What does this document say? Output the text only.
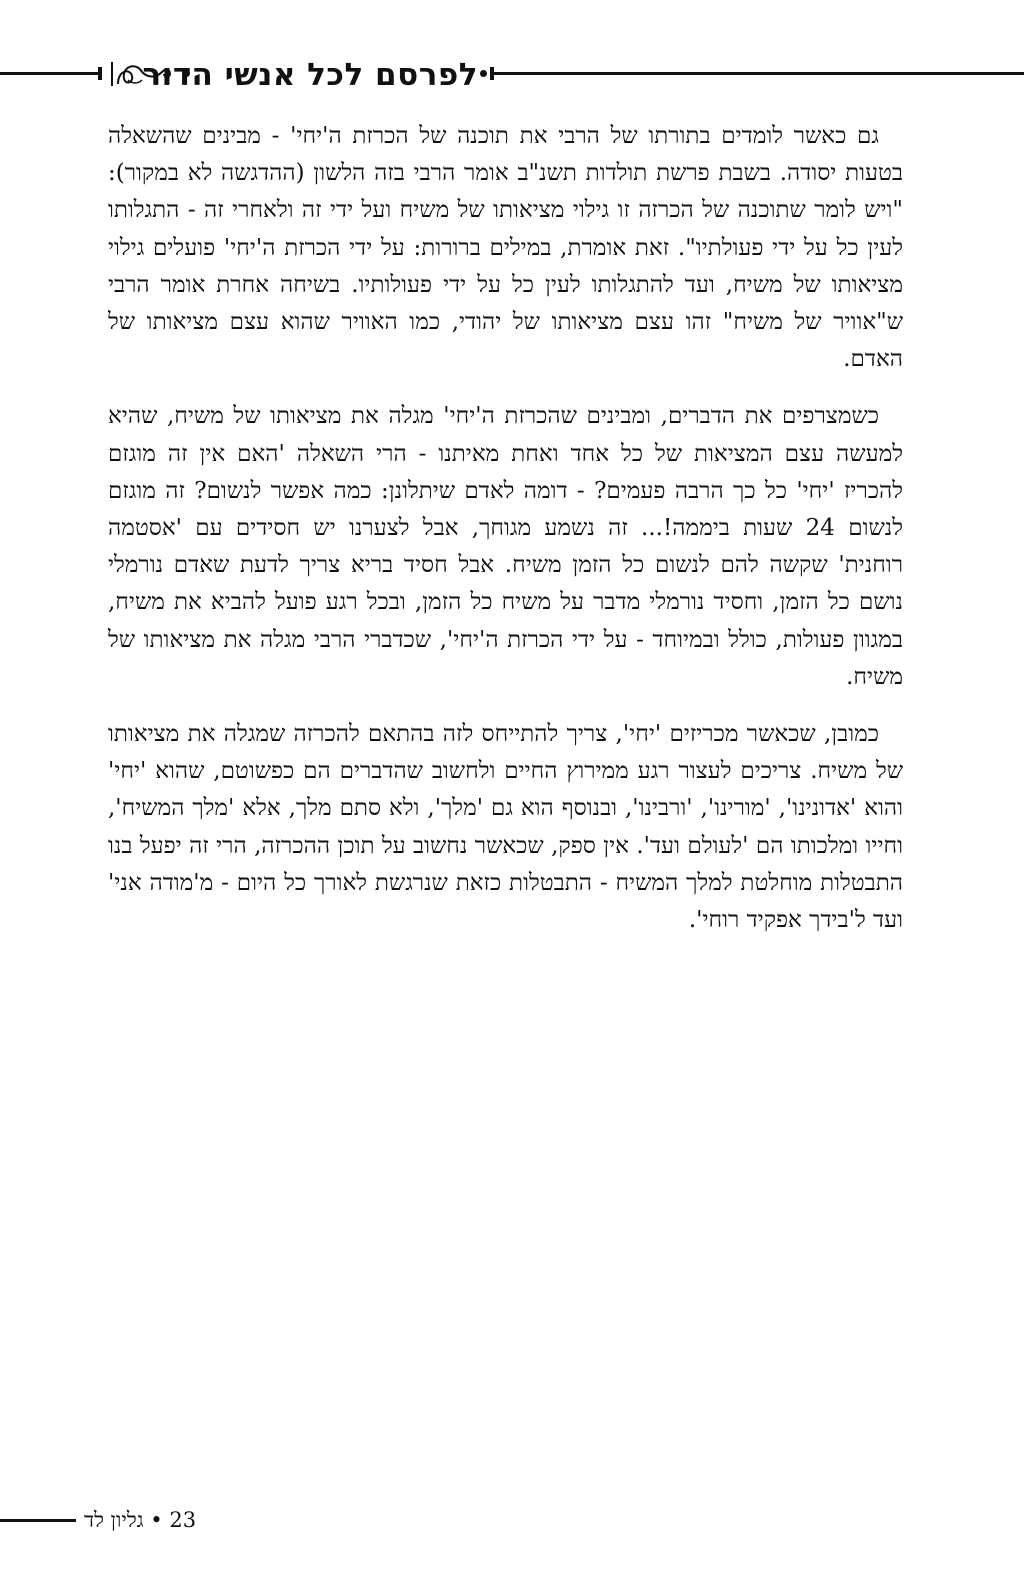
לפרסם לכל אנשי הדור

גם כאשר לומדים בתורתו של הרבי את תוכנה של הכרזת ה'יחי' - מבינים שהשאלה בטעות יסודה. בשבת פרשת תולדות תשנ"ב אומר הרבי בזה הלשון (ההדגשה לא במקור): "ויש לומר שתוכנה של הכרזה זו גילוי מציאותו של משיח ועל ידי זה ולאחרי זה - התגלותו לעין כל על ידי פעולתיו". זאת אומרת, במילים ברורות: על ידי הכרזת ה'יחי' פועלים גילוי מציאותו של משיח, ועד להתגלותו לעין כל על ידי פעולותיו. בשיחה אחרת אומר הרבי ש"אוויר של משיח" זהו עצם מציאותו של יהודי, כמו האוויר שהוא עצם מציאותו של האדם.

כשמצרפים את הדברים, ומבינים שהכרזת ה'יחי' מגלה את מציאותו של משיח, שהיא למעשה עצם המציאות של כל אחד ואחת מאיתנו - הרי השאלה 'האם אין זה מוגזם להכריז 'יחי' כל כך הרבה פעמים? - דומה לאדם שיתלונן: כמה אפשר לנשום? זה מוגזם לנשום 24 שעות ביממה!... זה נשמע מגוחך, אבל לצערנו יש חסידים עם 'אסטמה רוחנית' שקשה להם לנשום כל הזמן משיח. אבל חסיד בריא צריך לדעת שאדם נורמלי נושם כל הזמן, וחסיד נורמלי מדבר על משיח כל הזמן, ובכל רגע פועל להביא את משיח, במגוון פעולות, כולל ובמיוחד - על ידי הכרזת ה'יחי', שכדברי הרבי מגלה את מציאותו של משיח.

כמובן, שכאשר מכריזים 'יחי', צריך להתייחס לזה בהתאם להכרזה שמגלה את מציאותו של משיח. צריכים לעצור רגע ממירוץ החיים ולחשוב שהדברים הם כפשוטם, שהוא 'יחי' והוא 'אדונינו', 'מורינו', 'ורבינו', ובנוסף הוא גם 'מלך', ולא סתם מלך, אלא 'מלך המשיח', וחייו ומלכותו הם 'לעולם ועד'. אין ספק, שכאשר נחשוב על תוכן ההכרזה, הרי זה יפעל בנו התבטלות מוחלטת למלך המשיח - התבטלות כזאת שנרגשת לאורך כל היום - מ'מודה אני' ועד ל'בידך אפקיד רוחי'.

גליון לד • 23
